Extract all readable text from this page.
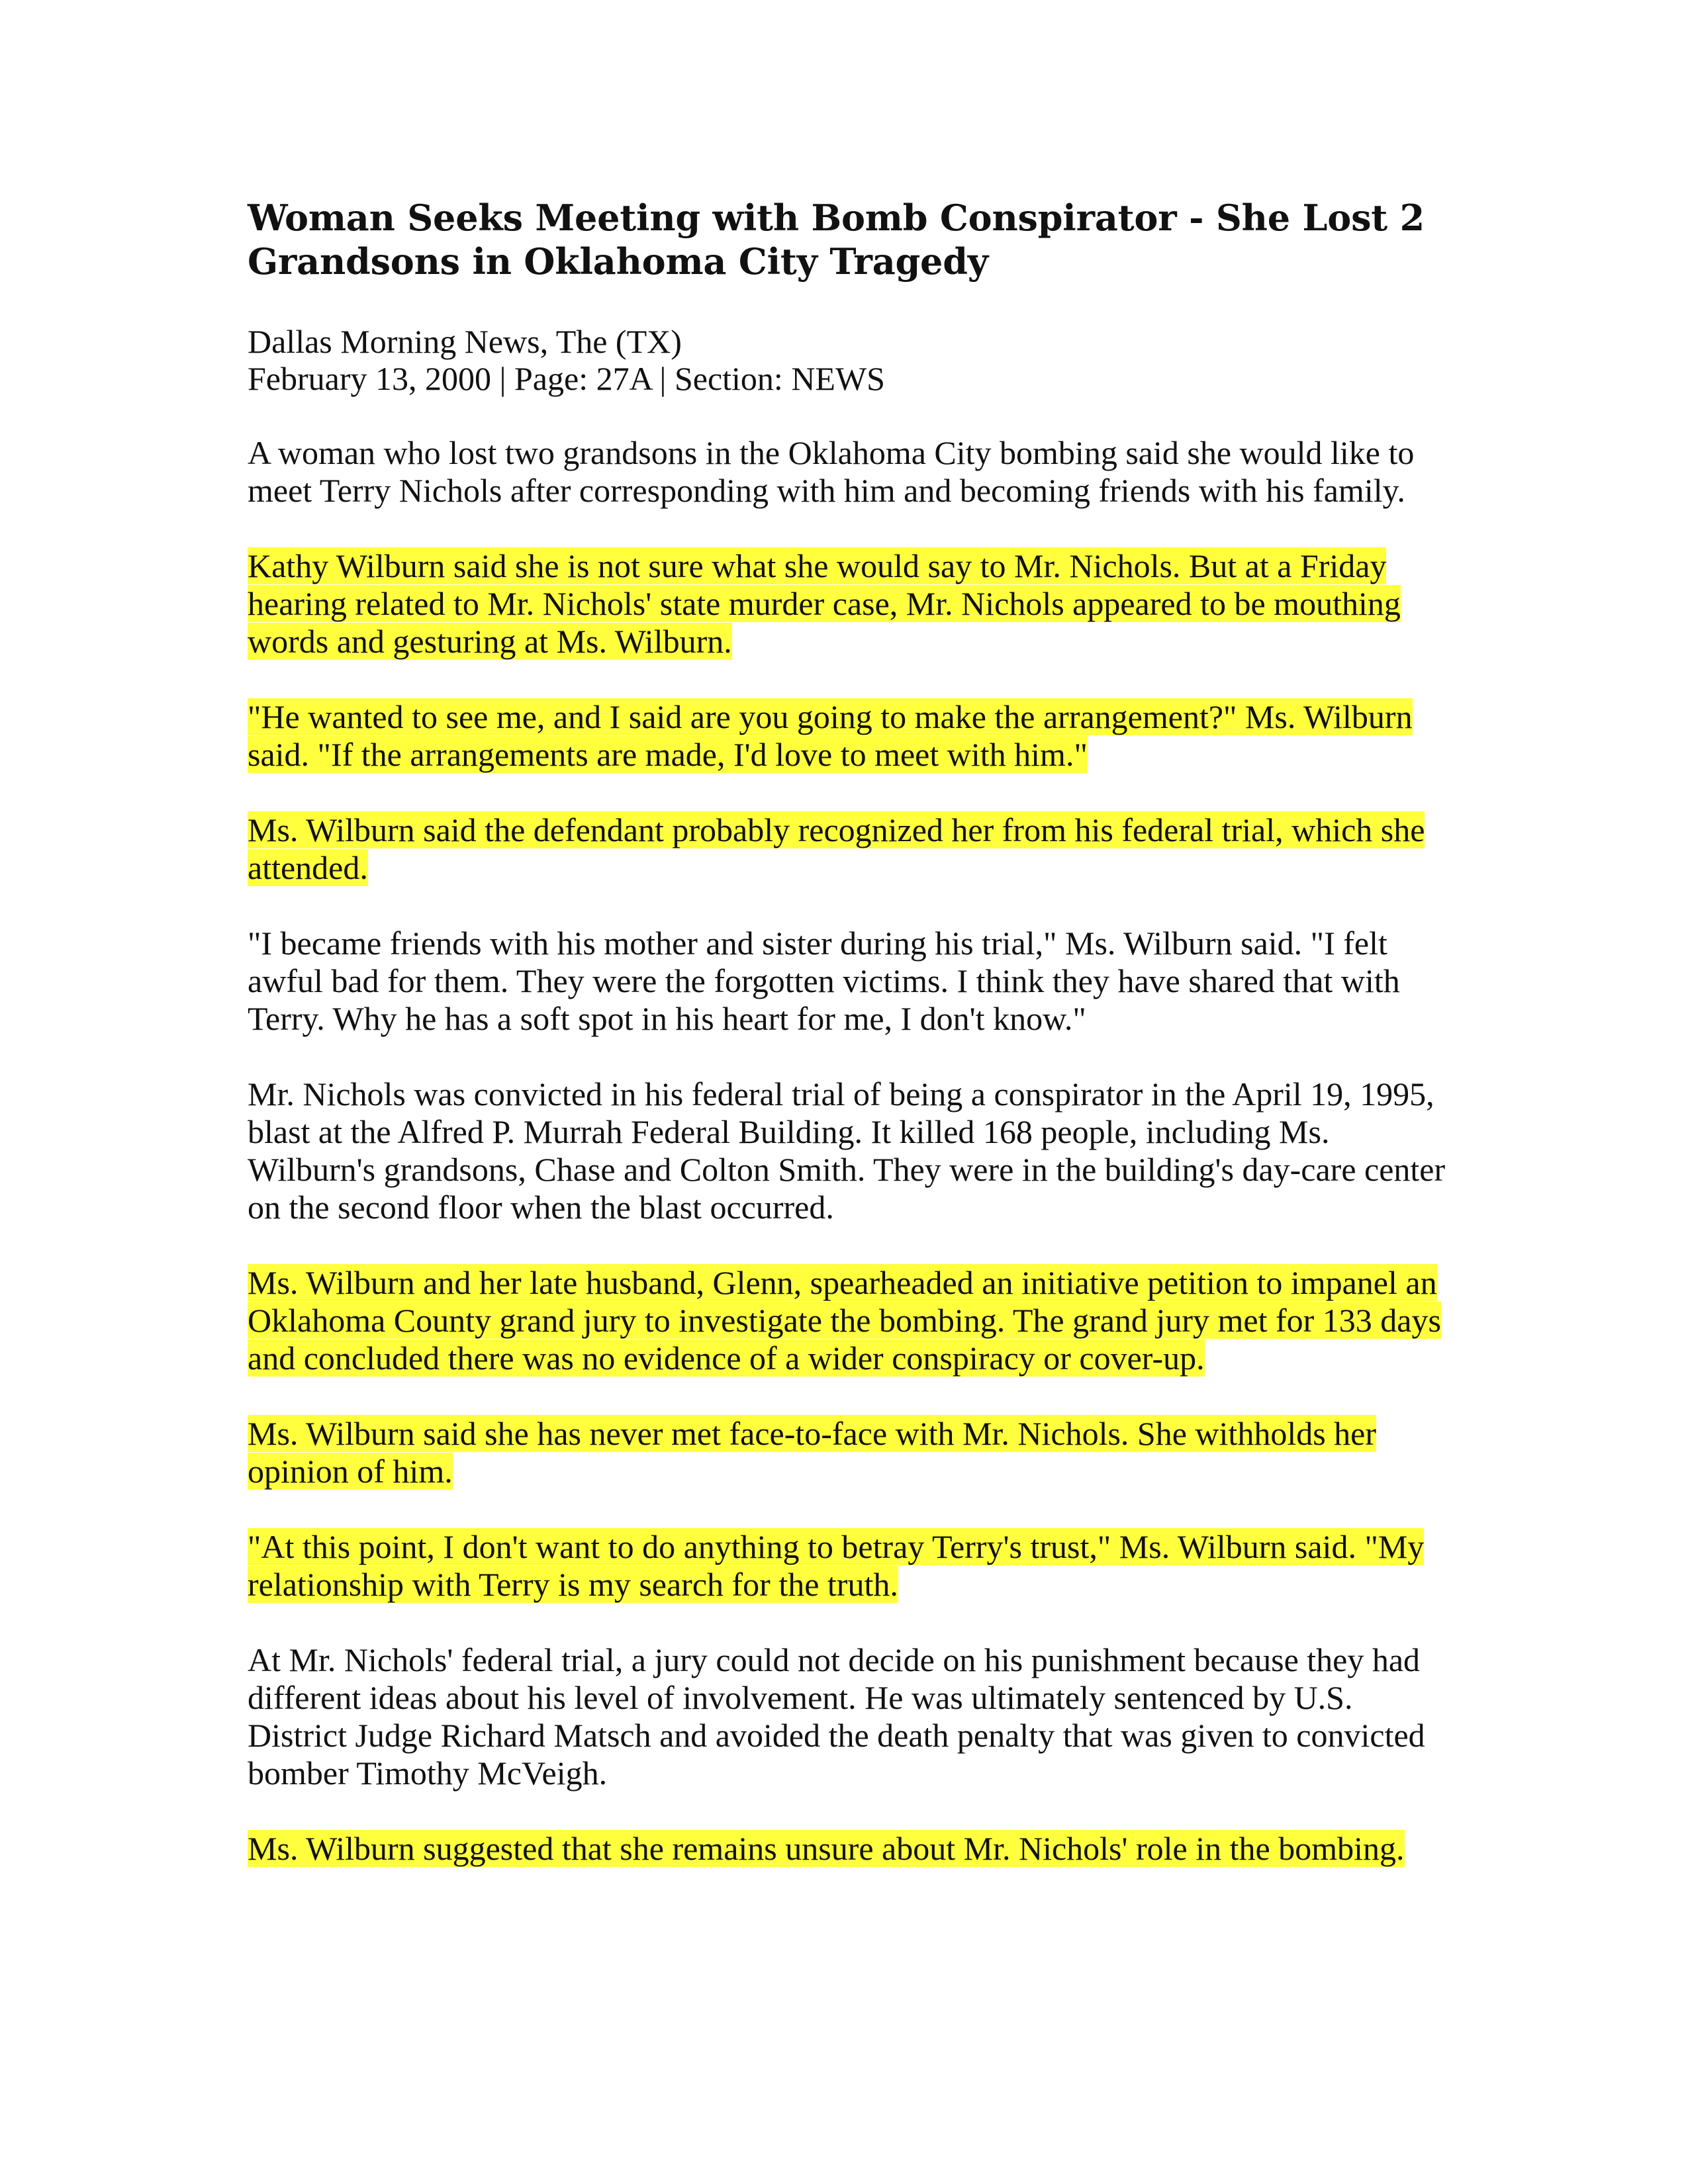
Woman Seeks Meeting with Bomb Conspirator - She Lost 2 Grandsons in Oklahoma City Tragedy
Dallas Morning News, The (TX)
February 13, 2000 | Page: 27A | Section: NEWS

A woman who lost two grandsons in the Oklahoma City bombing said she would like to meet Terry Nichols after corresponding with him and becoming friends with his family.

Kathy Wilburn said she is not sure what she would say to Mr. Nichols. But at a Friday hearing related to Mr. Nichols' state murder case, Mr. Nichols appeared to be mouthing words and gesturing at Ms. Wilburn.

"He wanted to see me, and I said are you going to make the arrangement?" Ms. Wilburn said. "If the arrangements are made, I'd love to meet with him."

Ms. Wilburn said the defendant probably recognized her from his federal trial, which she attended.

"I became friends with his mother and sister during his trial," Ms. Wilburn said. "I felt awful bad for them. They were the forgotten victims. I think they have shared that with Terry. Why he has a soft spot in his heart for me, I don't know."

Mr. Nichols was convicted in his federal trial of being a conspirator in the April 19, 1995, blast at the Alfred P. Murrah Federal Building. It killed 168 people, including Ms. Wilburn's grandsons, Chase and Colton Smith. They were in the building's day-care center on the second floor when the blast occurred.

Ms. Wilburn and her late husband, Glenn, spearheaded an initiative petition to impanel an Oklahoma County grand jury to investigate the bombing. The grand jury met for 133 days and concluded there was no evidence of a wider conspiracy or cover-up.

Ms. Wilburn said she has never met face-to-face with Mr. Nichols. She withholds her opinion of him.

"At this point, I don't want to do anything to betray Terry's trust," Ms. Wilburn said. "My relationship with Terry is my search for the truth.

At Mr. Nichols' federal trial, a jury could not decide on his punishment because they had different ideas about his level of involvement. He was ultimately sentenced by U.S. District Judge Richard Matsch and avoided the death penalty that was given to convicted bomber Timothy McVeigh.

Ms. Wilburn suggested that she remains unsure about Mr. Nichols' role in the bombing.
